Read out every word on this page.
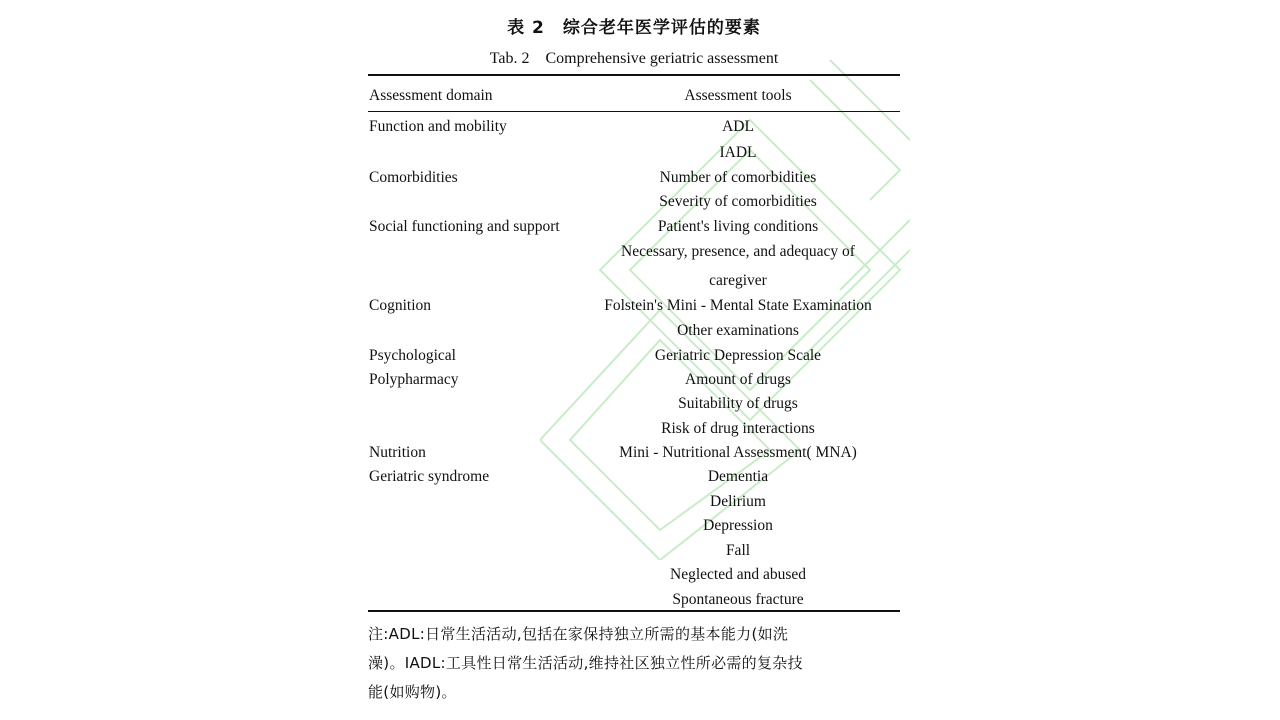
表 2　综合老年医学评估的要素
Tab. 2　Comprehensive geriatric assessment
Assessment domain	Assessment tools
Function and mobility
Comorbidities
Social functioning and support
Cognition
Psychological
Polypharmacy
Nutrition
Geriatric syndrome
ADL
IADL
Number of comorbidities
Severity of comorbidities
Patient's living conditions
Necessary, presence, and adequacy of
caregiver
Folstein's Mini - Mental State Examination
Other examinations
Geriatric Depression Scale
Amount of drugs
Suitability of drugs
Risk of drug interactions
Mini - Nutritional Assessment( MNA)
Dementia
Delirium
Depression
Fall
Neglected and abused
Spontaneous fracture
注:ADL:日常生活活动,包括在家保持独立所需的基本能力(如洗
澡)。IADL:工具性日常生活活动,维持社区独立性所必需的复杂技
能(如购物)。
